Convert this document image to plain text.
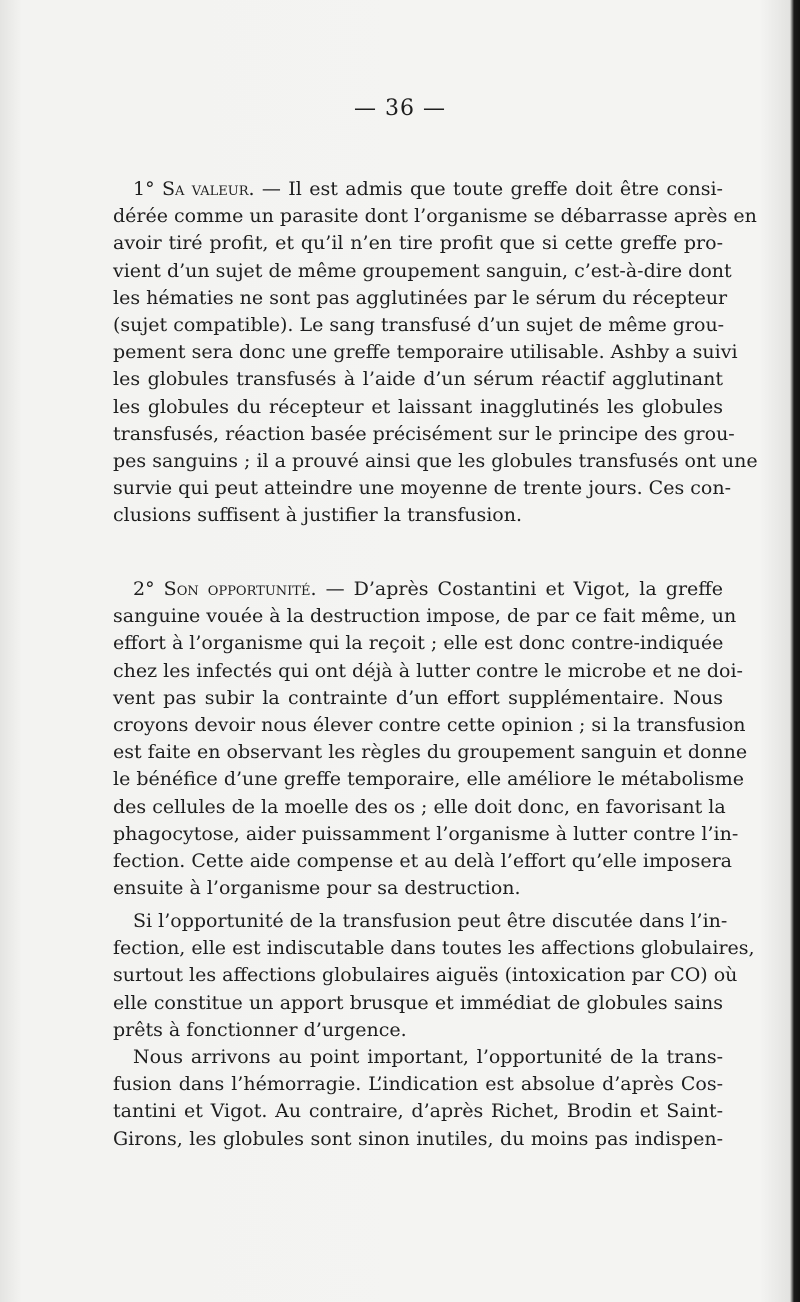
— 36 —
1° Sa valeur. — Il est admis que toute greffe doit être consi-
dérée comme un parasite dont l’organisme se débarrasse après en
avoir tiré profit, et qu’il n’en tire profit que si cette greffe pro-
vient d’un sujet de même groupement sanguin, c’est-à-dire dont
les hématies ne sont pas agglutinées par le sérum du récepteur
(sujet compatible). Le sang transfusé d’un sujet de même grou-
pement sera donc une greffe temporaire utilisable. Ashby a suivi
les globules transfusés à l’aide d’un sérum réactif agglutinant
les globules du récepteur et laissant inagglutinés les globules
transfusés, réaction basée précisément sur le principe des grou-
pes sanguins ; il a prouvé ainsi que les globules transfusés ont une
survie qui peut atteindre une moyenne de trente jours. Ces con-
clusions suffisent à justifier la transfusion.
2° Son opportunité. — D’après Costantini et Vigot, la greffe
sanguine vouée à la destruction impose, de par ce fait même, un
effort à l’organisme qui la reçoit ; elle est donc contre-indiquée
chez les infectés qui ont déjà à lutter contre le microbe et ne doi-
vent pas subir la contrainte d’un effort supplémentaire. Nous
croyons devoir nous élever contre cette opinion ; si la transfusion
est faite en observant les règles du groupement sanguin et donne
le bénéfice d’une greffe temporaire, elle améliore le métabolisme
des cellules de la moelle des os ; elle doit donc, en favorisant la
phagocytose, aider puissamment l’organisme à lutter contre l’in-
fection. Cette aide compense et au delà l’effort qu’elle imposera
ensuite à l’organisme pour sa destruction.
Si l’opportunité de la transfusion peut être discutée dans l’in-
fection, elle est indiscutable dans toutes les affections globulaires,
surtout les affections globulaires aiguës (intoxication par CO) où
elle constitue un apport brusque et immédiat de globules sains
prêts à fonctionner d’urgence.
Nous arrivons au point important, l’opportunité de la trans-
fusion dans l’hémorragie. L’indication est absolue d’après Cos-
tantini et Vigot. Au contraire, d’après Richet, Brodin et Saint-
Girons, les globules sont sinon inutiles, du moins pas indispen-
